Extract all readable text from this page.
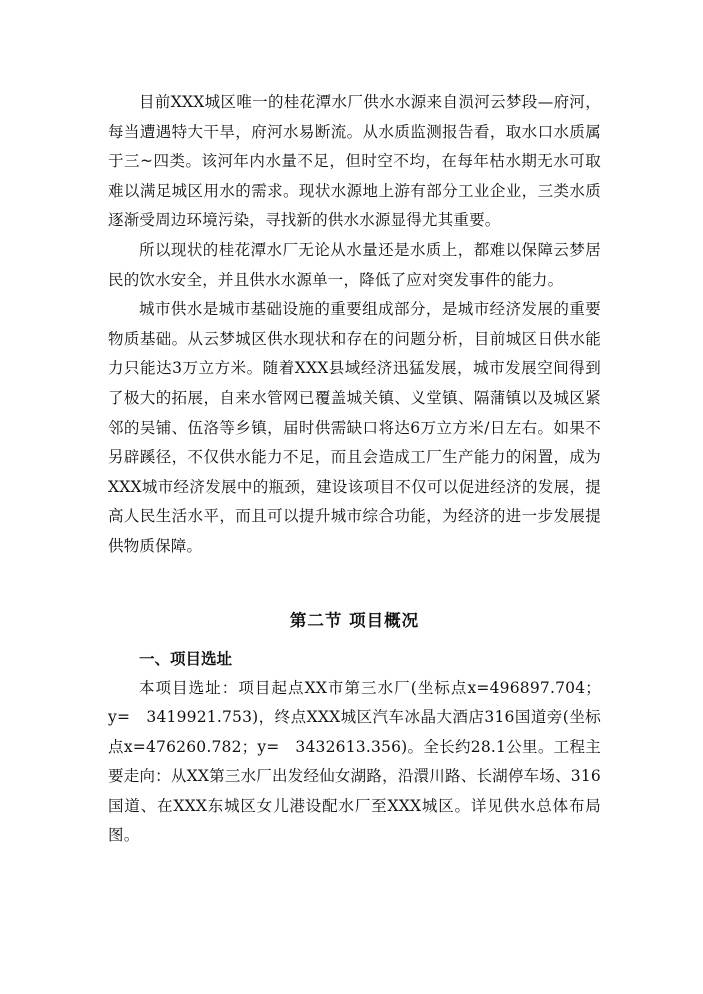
目前XXX城区唯一的桂花潭水厂供水水源来自涢河云梦段—府河，每当遭遇特大干旱，府河水易断流。从水质监测报告看，取水口水质属于三~四类。该河年内水量不足，但时空不均，在每年枯水期无水可取难以满足城区用水的需求。现状水源地上游有部分工业企业，三类水质逐渐受周边环境污染，寻找新的供水水源显得尤其重要。

所以现状的桂花潭水厂无论从水量还是水质上，都难以保障云梦居民的饮水安全，并且供水水源单一，降低了应对突发事件的能力。

城市供水是城市基础设施的重要组成部分，是城市经济发展的重要物质基础。从云梦城区供水现状和存在的问题分析，目前城区日供水能力只能达3万立方米。随着XXX县域经济迅猛发展，城市发展空间得到了极大的拓展，自来水管网已覆盖城关镇、义堂镇、隔蒲镇以及城区紧邻的吴铺、伍洛等乡镇，届时供需缺口将达6万立方米/日左右。如果不另辟蹊径，不仅供水能力不足，而且会造成工厂生产能力的闲置，成为XXX城市经济发展中的瓶颈，建设该项目不仅可以促进经济的发展，提高人民生活水平，而且可以提升城市综合功能，为经济的进一步发展提供物质保障。

第二节 项目概况
一、项目选址

本项目选址：项目起点XX市第三水厂(坐标点x=496897.704；y=　3419921.753)，终点XXX城区汽车冰晶大酒店316国道旁(坐标点x=476260.782；y=　3432613.356)。全长约28.1公里。工程主要走向：从XX第三水厂出发经仙女湖路，沿澴川路、长湖停车场、316国道、在XXX东城区女儿港设配水厂至XXX城区。详见供水总体布局图。
